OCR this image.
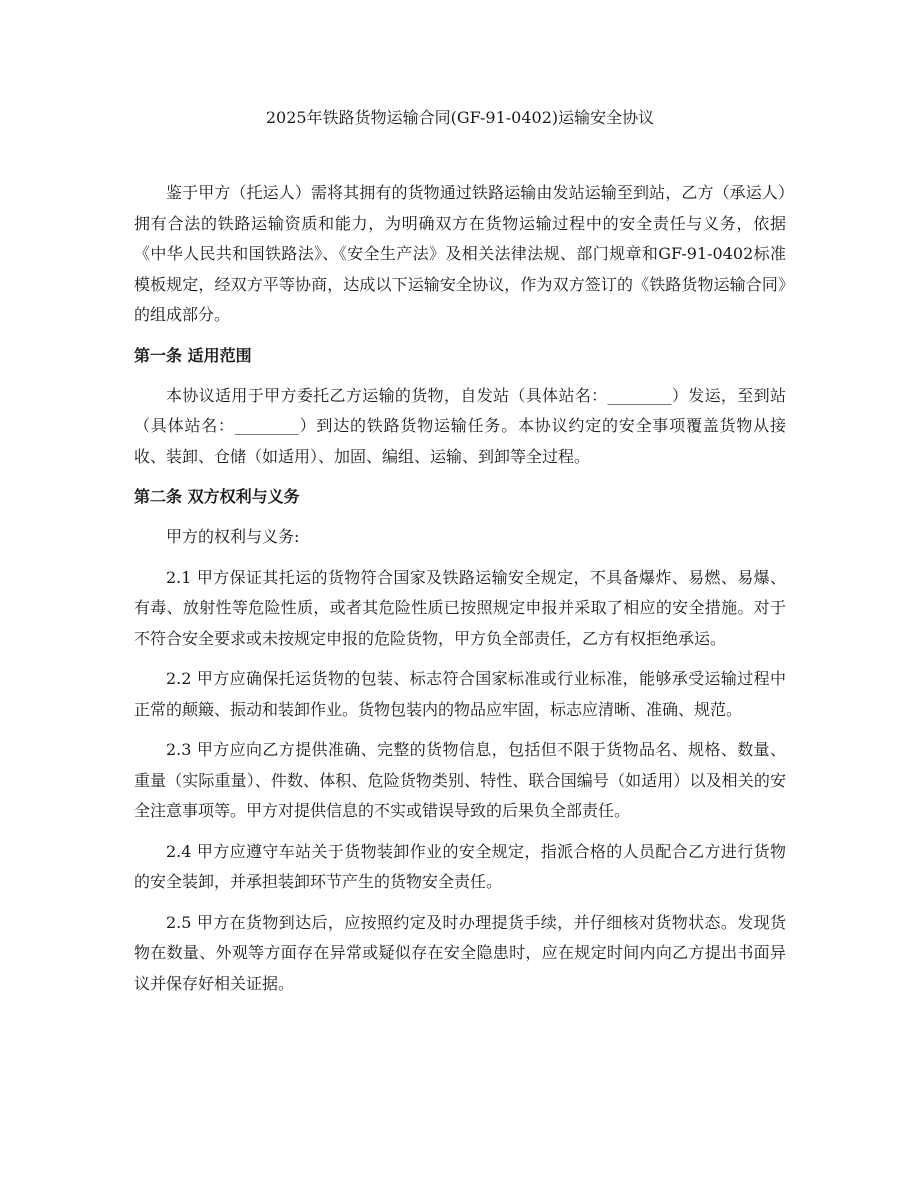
2025年铁路货物运输合同(GF-91-0402)运输安全协议

鉴于甲方（托运人）需将其拥有的货物通过铁路运输由发站运输至到站，乙方（承运人）拥有合法的铁路运输资质和能力，为明确双方在货物运输过程中的安全责任与义务，依据《中华人民共和国铁路法》、《安全生产法》及相关法律法规、部门规章和GF-91-0402标准模板规定，经双方平等协商，达成以下运输安全协议，作为双方签订的《铁路货物运输合同》的组成部分。

第一条 适用范围

本协议适用于甲方委托乙方运输的货物，自发站（具体站名：________）发运，至到站（具体站名：________）到达的铁路货物运输任务。本协议约定的安全事项覆盖货物从接收、装卸、仓储（如适用）、加固、编组、运输、到卸等全过程。

第二条 双方权利与义务

甲方的权利与义务:

2.1 甲方保证其托运的货物符合国家及铁路运输安全规定，不具备爆炸、易燃、易爆、有毒、放射性等危险性质，或者其危险性质已按照规定申报并采取了相应的安全措施。对于不符合安全要求或未按规定申报的危险货物，甲方负全部责任，乙方有权拒绝承运。

2.2 甲方应确保托运货物的包装、标志符合国家标准或行业标准，能够承受运输过程中正常的颠簸、振动和装卸作业。货物包装内的物品应牢固，标志应清晰、准确、规范。

2.3 甲方应向乙方提供准确、完整的货物信息，包括但不限于货物品名、规格、数量、重量（实际重量）、件数、体积、危险货物类别、特性、联合国编号（如适用）以及相关的安全注意事项等。甲方对提供信息的不实或错误导致的后果负全部责任。

2.4 甲方应遵守车站关于货物装卸作业的安全规定，指派合格的人员配合乙方进行货物的安全装卸，并承担装卸环节产生的货物安全责任。

2.5 甲方在货物到达后，应按照约定及时办理提货手续，并仔细核对货物状态。发现货物在数量、外观等方面存在异常或疑似存在安全隐患时，应在规定时间内向乙方提出书面异议并保存好相关证据。
